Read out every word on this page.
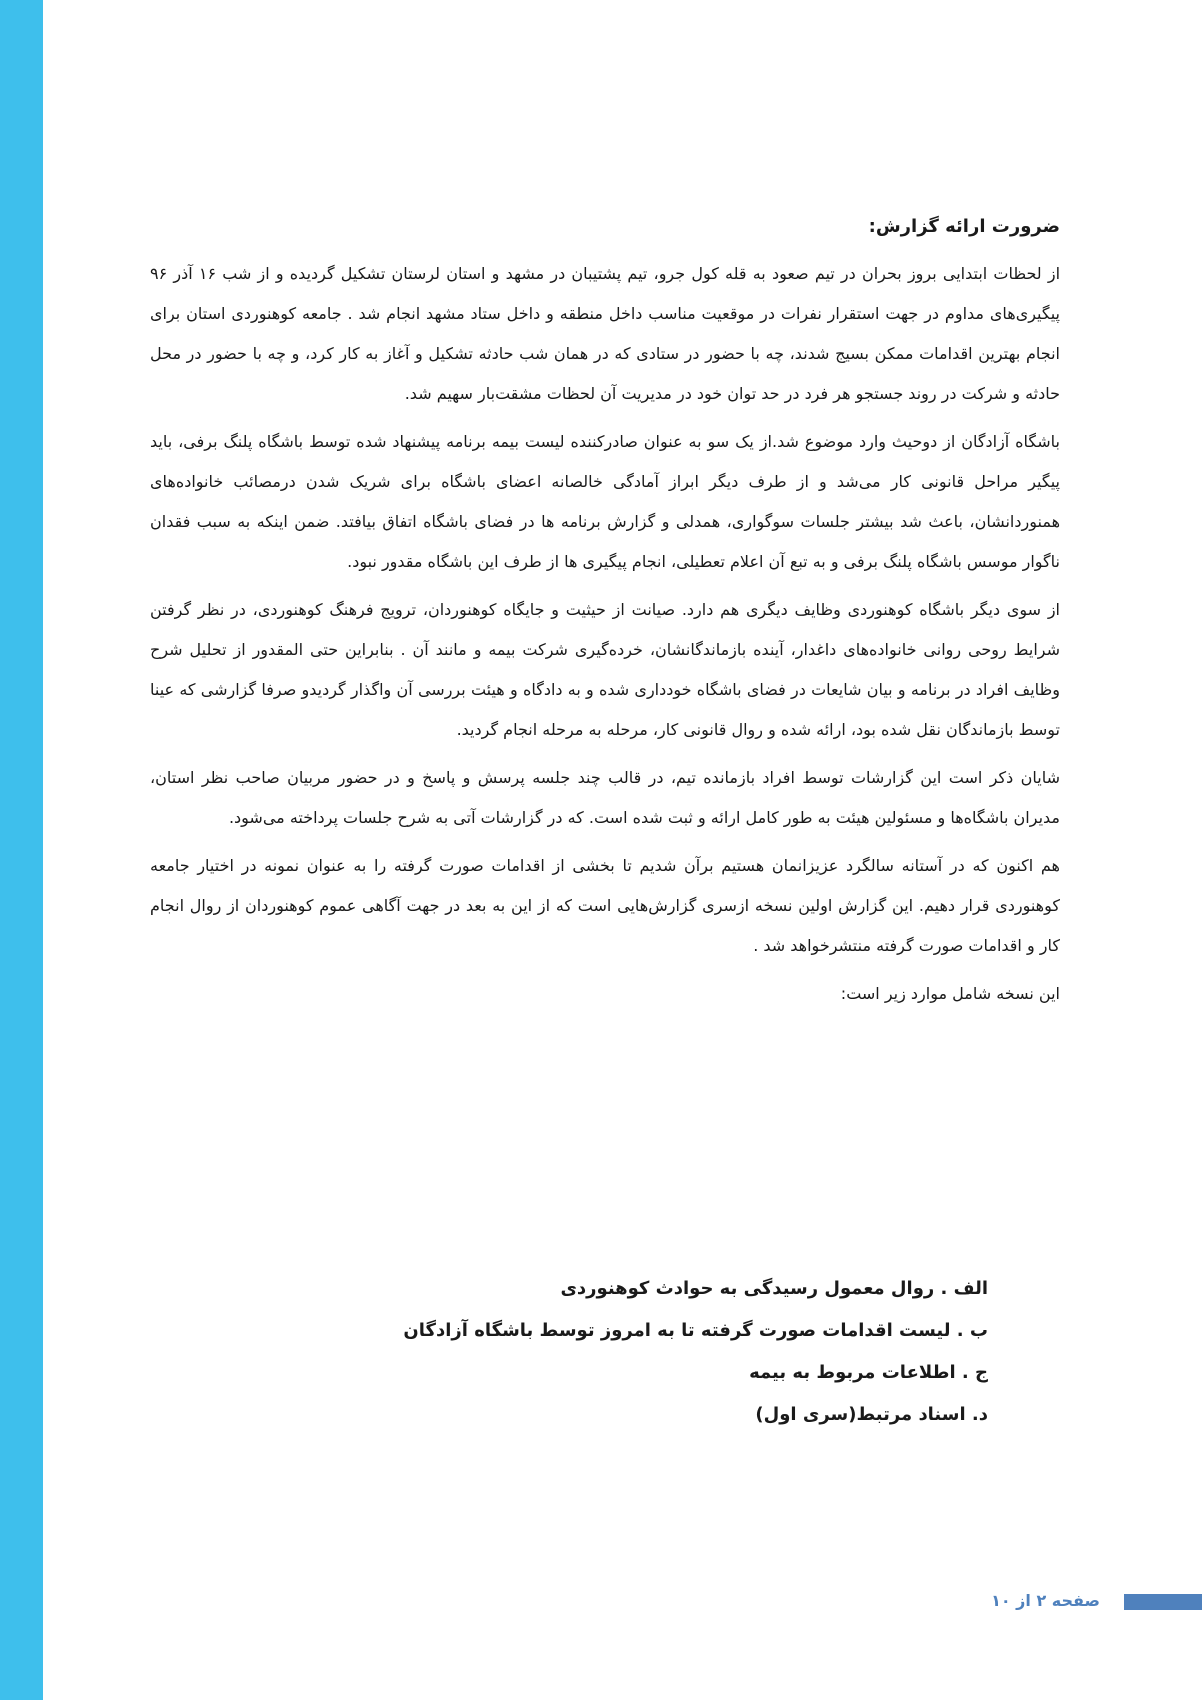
ضرورت ارائه گزارش:

از لحظات ابتدایی بروز بحران در تیم صعود به قله کول جرو، تیم پشتیبان در مشهد و استان لرستان تشکیل گردیده و از شب ۱۶ آذر ۹۶ پیگیری‌های مداوم در جهت استقرار نفرات در موقعیت مناسب داخل منطقه و داخل ستاد مشهد انجام شد . جامعه کوهنوردی استان برای انجام بهترین اقدامات ممکن بسیج شدند، چه با حضور در ستادی که در همان شب حادثه تشکیل و آغاز به کار کرد، و چه با حضور در محل حادثه و شرکت در روند جستجو هر فرد در حد توان خود در مدیریت آن لحظات مشقت‌بار سهیم شد.

باشگاه آزادگان از دوحیث وارد موضوع شد.از یک سو به عنوان صادرکننده لیست بیمه برنامه پیشنهاد شده توسط باشگاه پلنگ برفی، باید پیگیر مراحل قانونی کار می‌شد و از طرف دیگر ابراز آمادگی خالصانه اعضای باشگاه برای شریک شدن درمصائب خانواده‌های همنوردانشان، باعث شد بیشتر جلسات سوگواری، همدلی و گزارش برنامه ها در فضای باشگاه اتفاق بیافتد. ضمن اینکه به سبب فقدان ناگوار موسس باشگاه پلنگ برفی و به تبع آن اعلام تعطیلی، انجام پیگیری ها از طرف این باشگاه مقدور نبود.

از سوی دیگر باشگاه کوهنوردی وظایف دیگری هم دارد. صیانت از حیثیت و جایگاه کوهنوردان، ترویج فرهنگ کوهنوردی، در نظر گرفتن شرایط روحی روانی خانواده‌های داغدار، آینده بازماندگانشان، خرده‌گیری شرکت بیمه و مانند آن . بنابراین حتی المقدور از تحلیل شرح وظایف افراد در برنامه و بیان شایعات در فضای باشگاه خودداری شده و به دادگاه و هیئت بررسی آن واگذار گردیدو صرفا گزارشی که عینا توسط بازماندگان نقل شده بود، ارائه شده و روال قانونی کار، مرحله به مرحله انجام گردید.

شایان ذکر است این گزارشات توسط افراد بازمانده تیم، در قالب چند جلسه پرسش و پاسخ و در حضور مربیان صاحب نظر استان، مدیران باشگاه‌ها و مسئولین هیئت به طور کامل ارائه و ثبت شده است. که در گزارشات آتی به شرح جلسات پرداخته می‌شود.

هم اکنون که در آستانه سالگرد عزیزانمان هستیم برآن شدیم تا بخشی از اقدامات صورت گرفته را به عنوان نمونه در اختیار جامعه کوهنوردی قرار دهیم. این گزارش اولین نسخه ازسری گزارش‌هایی است که از این به بعد در جهت آگاهی عموم کوهنوردان از روال انجام کار و اقدامات صورت گرفته منتشرخواهد شد .

این نسخه شامل موارد زیر است:

الف . روال معمول رسیدگی به حوادث کوهنوردی

ب . لیست اقدامات صورت گرفته تا به امروز توسط باشگاه آزادگان

ج . اطلاعات مربوط به بیمه

د. اسناد مرتبط(سری اول)

صفحه ۲ از ۱۰
